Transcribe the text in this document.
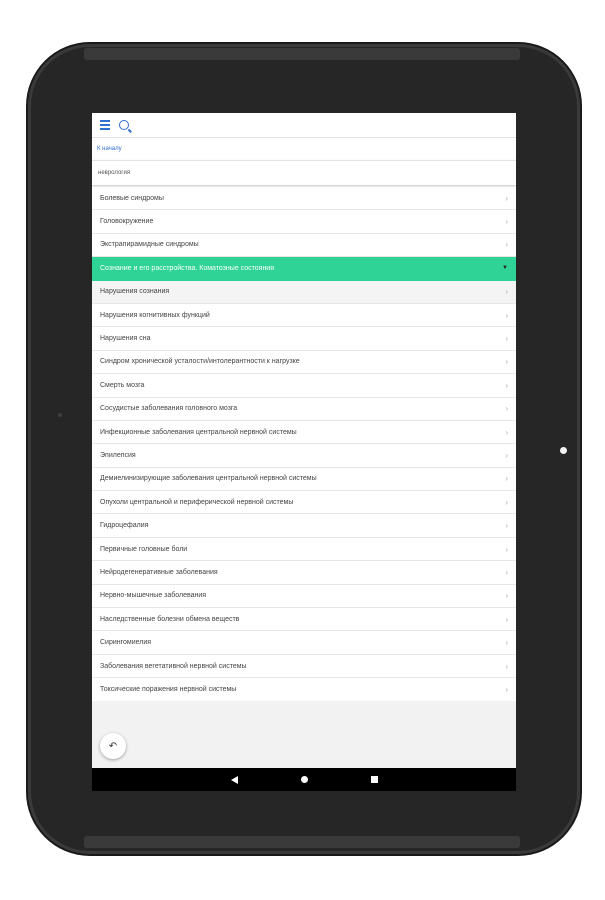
К началу
неврология
Болевые синдромы	›
Головокружение	›
Экстрапирамидные синдромы	›
Сознание и его расстройства. Коматозные состояния	▼
Нарушения сознания	›
Нарушения когнитивных функций	›
Нарушения сна	›
Синдром хронической усталости/интолерантности к нагрузке	›
Смерть мозга	›
Сосудистые заболевания головного мозга	›
Инфекционные заболевания центральной нервной системы	›
Эпилепсия	›
Демиелинизирующие заболевания центральной нервной системы	›
Опухоли центральной и периферической нервной системы	›
Гидроцефалия	›
Первичные головные боли	›
Нейродегенеративные заболевания	›
Нервно-мышечные заболевания	›
Наследственные болезни обмена веществ	›
Сирингомиелия	›
Заболевания вегетативной нервной системы	›
Токсические поражения нервной системы	›
↶
